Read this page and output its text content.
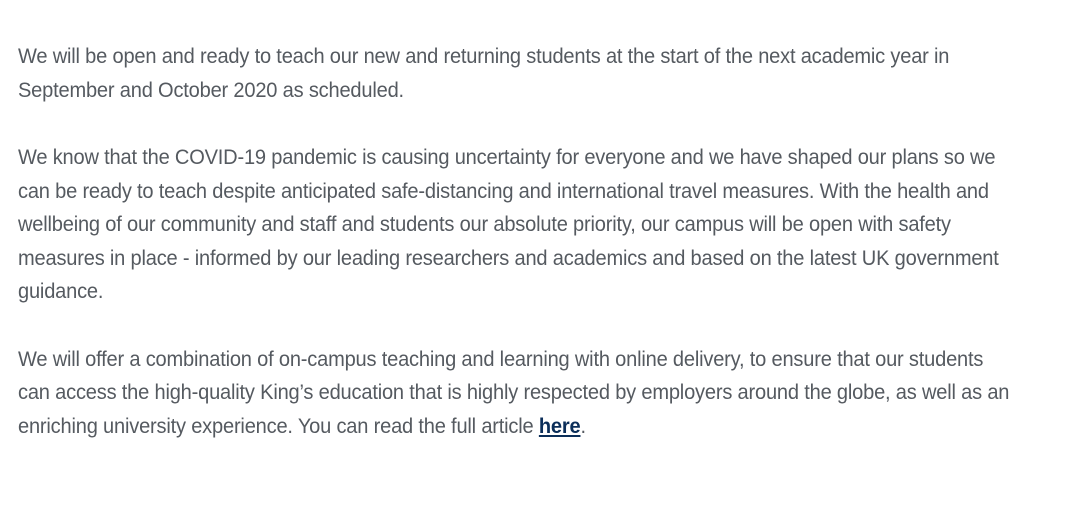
We will be open and ready to teach our new and returning students at the start of the next academic year in September and October 2020 as scheduled.

We know that the COVID-19 pandemic is causing uncertainty for everyone and we have shaped our plans so we can be ready to teach despite anticipated safe-distancing and international travel measures. With the health and wellbeing of our community and staff and students our absolute priority, our campus will be open with safety measures in place - informed by our leading researchers and academics and based on the latest UK government guidance.

We will offer a combination of on-campus teaching and learning with online delivery, to ensure that our students can access the high-quality King’s education that is highly respected by employers around the globe, as well as an enriching university experience. You can read the full article here.
